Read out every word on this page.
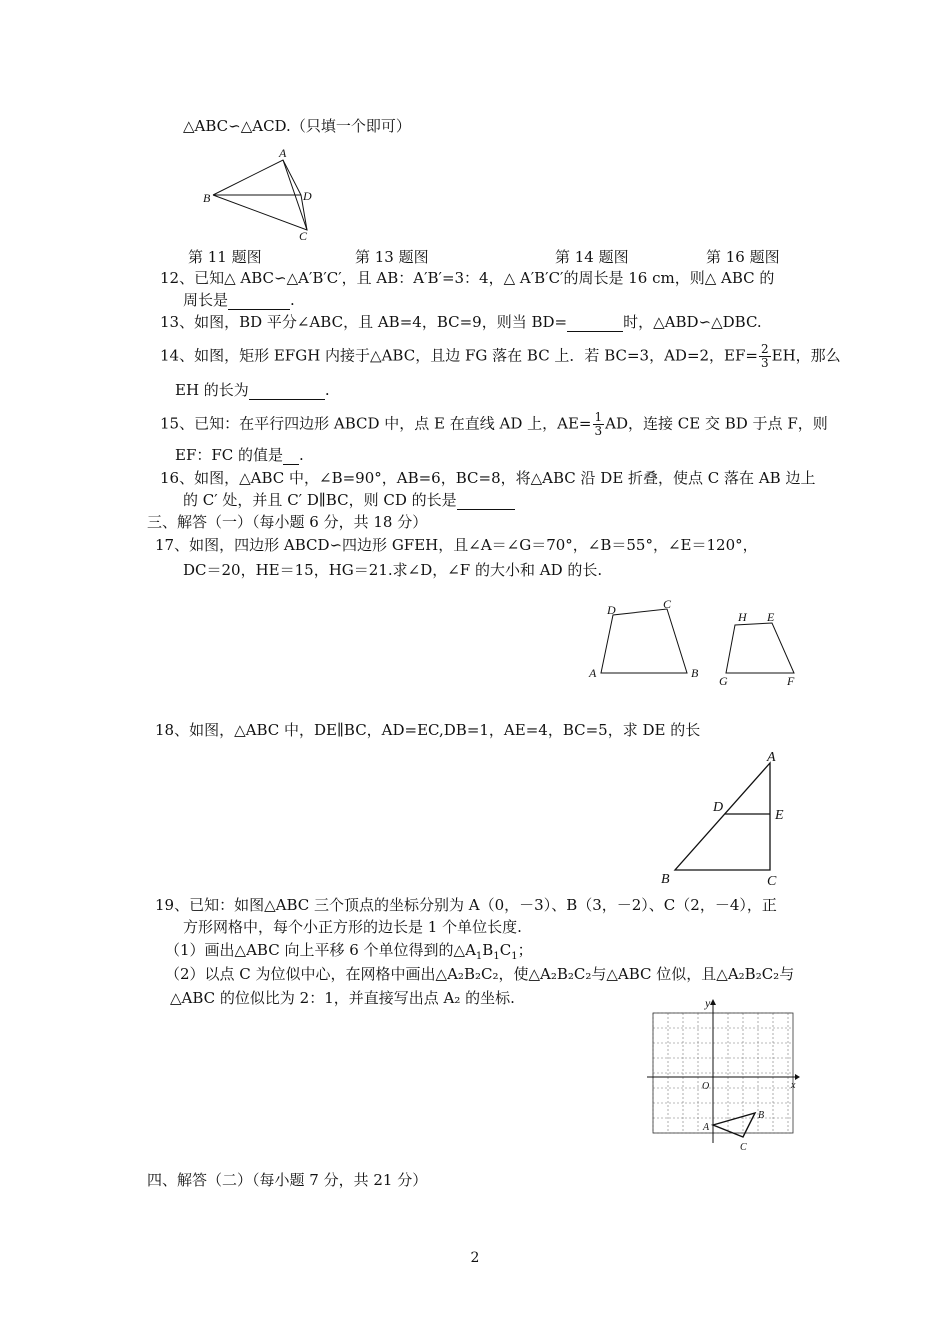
△ABC∽△ACD.（只填一个即可）
A
B	D
C
第 11 题图	第 13 题图	第 14 题图	第 16 题图
12、已知△ ABC∽△A′B′C′，且 AB：A′B′=3：4，△ A′B′C′的周长是 16 cm，则△ ABC 的
周长是	.
13、如图，BD 平分∠ABC，且 AB=4，BC=9，则当 BD=	时，△ABD∽△DBC.
14、如图，矩形 EFGH 内接于△ABC，且边 FG 落在 BC 上．若 BC=3，AD=2，$EF= \frac{2}{3}$ EH，那么
EH 的长为	.
15、已知：在平行四边形 ABCD 中，点 E 在直线 AD 上，$AE= \frac{1}{3}$ AD，连接 CE 交 BD 于点 F，则
EF：FC 的值是 .
16、如图，△ABC 中，∠B=90°，AB=6，BC=8，将△ABC 沿 DE 折叠，使点 C 落在 AB 边上
的 C′ 处，并且 C′ D∥BC，则 CD 的长是
三、解答（一）（每小题 6 分，共 18 分）
17、如图，四边形 ABCD∽四边形 GFEH，且∠A＝∠G＝70°，∠B＝55°，∠E＝120°，
DC＝20，HE＝15，HG＝21.求∠D，∠F 的大小和 AD 的长.
A	B
C
D
G	F
E
H
18、如图，△ABC 中，DE∥BC，AD=EC,DB=1，AE=4，BC=5，求 DE 的长
A
D
E
B	C
19、已知：如图△ABC 三个顶点的坐标分别为 A（0，－3）、B（3，－2）、C（2，－4），正
方形网格中，每个小正方形的边长是 1 个单位长度.
（1）画出△ABC 向上平移 6 个单位得到的$\triangle A_1B_1C_1$；
（2）以点 C 为位似中心，在网格中画出△A₂B₂C₂，使△A₂B₂C₂与△ABC 位似，且△A₂B₂C₂与
△ABC 的位似比为 2：1，并直接写出点 A₂ 的坐标.	y
x
O
A
B
C
四、解答（二）（每小题 7 分，共 21 分）
2
